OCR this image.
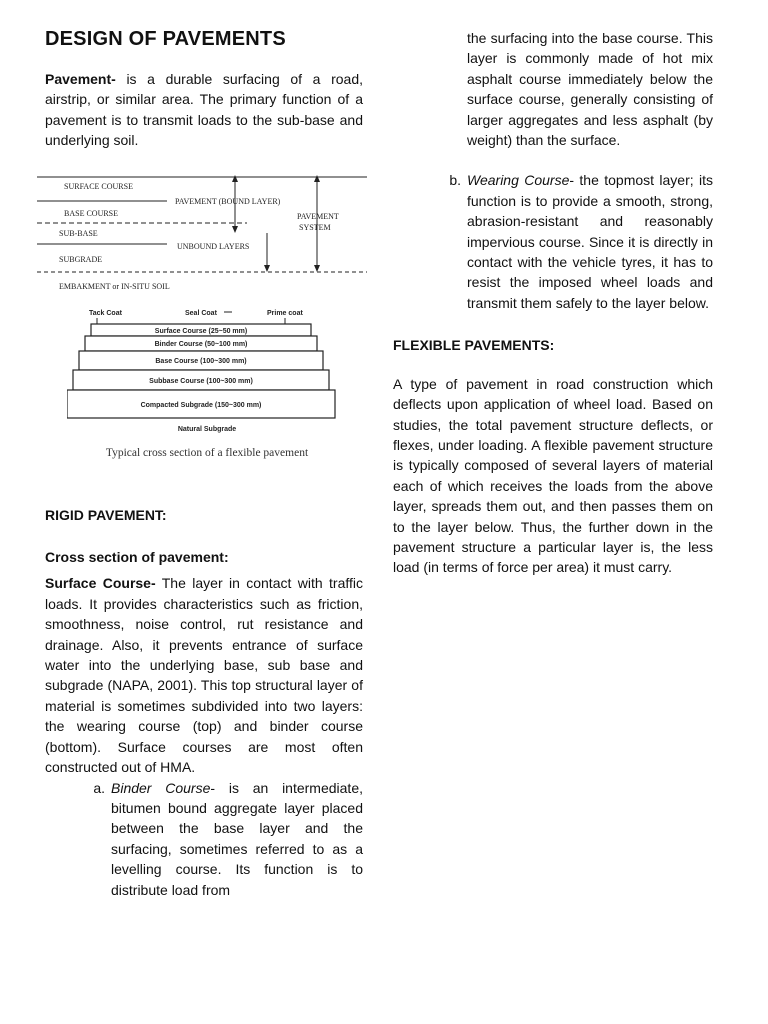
DESIGN OF PAVEMENTS

Pavement- is a durable surfacing of a road, airstrip, or similar area. The primary function of a pavement is to transmit loads to the sub-base and underlying soil.

SURFACE COURSE
BASE COURSE
SUB-BASE
SUBGRADE
EMBAKMENT or IN-SITU SOIL
PAVEMENT (BOUND LAYER)
UNBOUND LAYERS
PAVEMENT
SYSTEM
Tack Coat	Seal Coat	Prime coat
Surface Course (25~50 mm)
Binder Course (50~100 mm)
Base Course (100~300 mm)
Subbase Course (100~300 mm)
Compacted Subgrade (150~300 mm)
Natural Subgrade
Typical cross section of a flexible pavement

RIGID PAVEMENT:

Cross section of pavement:

Surface Course- The layer in contact with traffic loads. It provides characteristics such as friction, smoothness, noise control, rut resistance and drainage. Also, it prevents entrance of surface water into the underlying base, sub base and subgrade (NAPA, 2001). This top structural layer of material is sometimes subdivided into two layers: the wearing course (top) and binder course (bottom). Surface courses are most often constructed out of HMA.

a. Binder Course- is an intermediate, bitumen bound aggregate layer placed between the base layer and the surfacing, sometimes referred to as a levelling course. Its function is to distribute load from
the surfacing into the base course. This layer is commonly made of hot mix asphalt course immediately below the surface course, generally consisting of larger aggregates and less asphalt (by weight) than the surface.
b. Wearing Course- the topmost layer; its function is to provide a smooth, strong, abrasion-resistant and reasonably impervious course. Since it is directly in contact with the vehicle tyres, it has to resist the imposed wheel loads and transmit them safely to the layer below.

FLEXIBLE PAVEMENTS:

A type of pavement in road construction which deflects upon application of wheel load. Based on studies, the total pavement structure deflects, or flexes, under loading. A flexible pavement structure is typically composed of several layers of material each of which receives the loads from the above layer, spreads them out, and then passes them on to the layer below. Thus, the further down in the pavement structure a particular layer is, the less load (in terms of force per area) it must carry.
